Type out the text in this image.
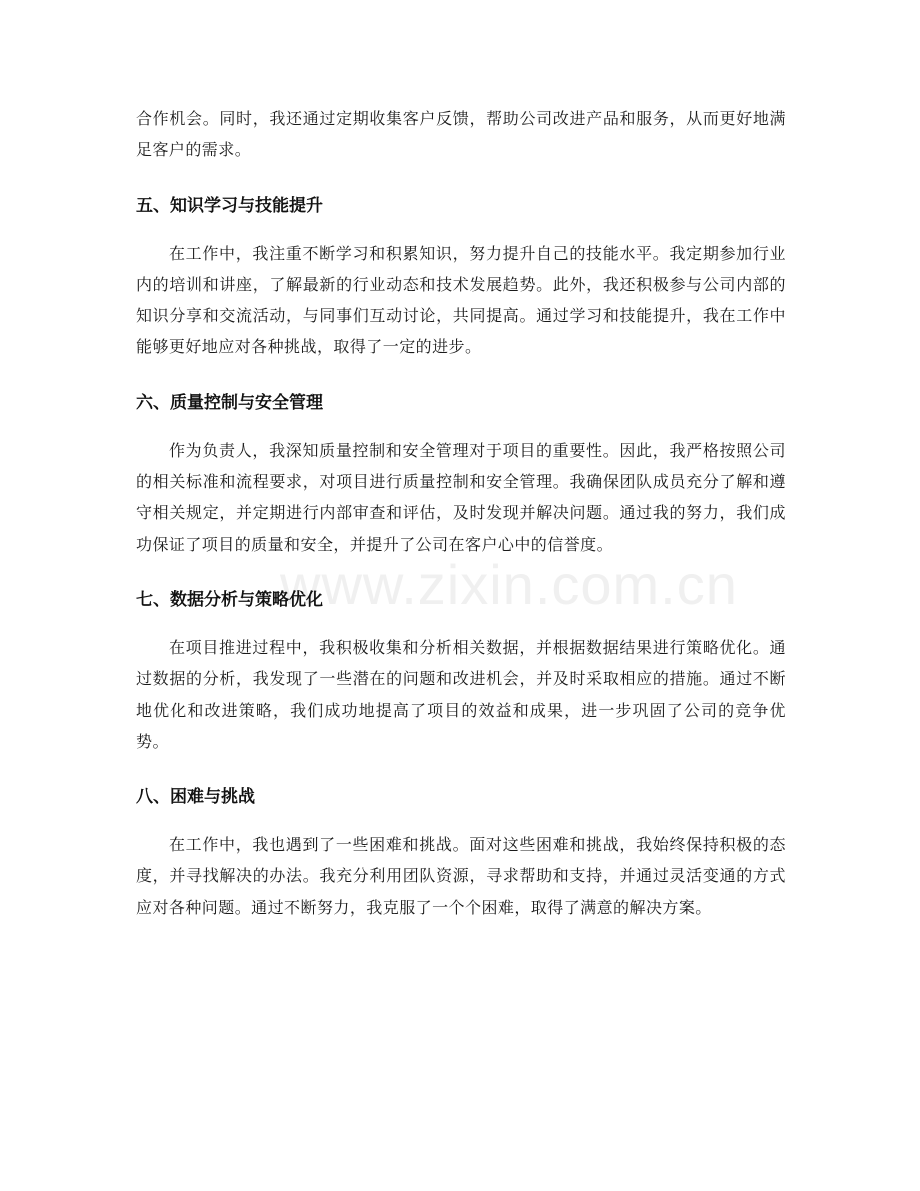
www.zixin.com.cn

合作机会。同时，我还通过定期收集客户反馈，帮助公司改进产品和服务，从而更好地满足客户的需求。

五、知识学习与技能提升

在工作中，我注重不断学习和积累知识，努力提升自己的技能水平。我定期参加行业内的培训和讲座，了解最新的行业动态和技术发展趋势。此外，我还积极参与公司内部的知识分享和交流活动，与同事们互动讨论，共同提高。通过学习和技能提升，我在工作中能够更好地应对各种挑战，取得了一定的进步。

六、质量控制与安全管理

作为负责人，我深知质量控制和安全管理对于项目的重要性。因此，我严格按照公司的相关标准和流程要求，对项目进行质量控制和安全管理。我确保团队成员充分了解和遵守相关规定，并定期进行内部审查和评估，及时发现并解决问题。通过我的努力，我们成功保证了项目的质量和安全，并提升了公司在客户心中的信誉度。

七、数据分析与策略优化

在项目推进过程中，我积极收集和分析相关数据，并根据数据结果进行策略优化。通过数据的分析，我发现了一些潜在的问题和改进机会，并及时采取相应的措施。通过不断地优化和改进策略，我们成功地提高了项目的效益和成果，进一步巩固了公司的竞争优势。

八、困难与挑战

在工作中，我也遇到了一些困难和挑战。面对这些困难和挑战，我始终保持积极的态度，并寻找解决的办法。我充分利用团队资源，寻求帮助和支持，并通过灵活变通的方式应对各种问题。通过不断努力，我克服了一个个困难，取得了满意的解决方案。
